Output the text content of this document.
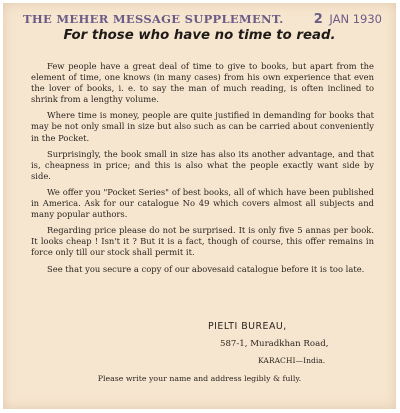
THE MEHER MESSAGE SUPPLEMENT. 2 JAN 1930
For those who have no time to read.

Few people have a great deal of time to give to books, but apart from the element of time, one knows (in many cases) from his own experience that even the lover of books, i. e. to say the man of much reading, is often inclined to shrink from a lengthy volume.

Where time is money, people are quite justified in demanding for books that may be not only small in size but also such as can be carried about conveniently in the Pocket.

Surprisingly, the book small in size has also its another advantage, and that is, cheapness in price; and this is also what the people exactly want side by side.

We offer you "Pocket Series" of best books, all of which have been published in America. Ask for our catalogue No 49 which covers almost all subjects and many popular authors.

Regarding price please do not be surprised. It is only five 5 annas per book. It looks cheap ! Isn't it ? But it is a fact, though of course, this offer remains in force only till our stock shall permit it.

See that you secure a copy of our abovesaid catalogue before it is too late.

PIELTI BUREAU,
587-1, Muradkhan Road,
KARACHI—India.
Please write your name and address legibly & fully.
